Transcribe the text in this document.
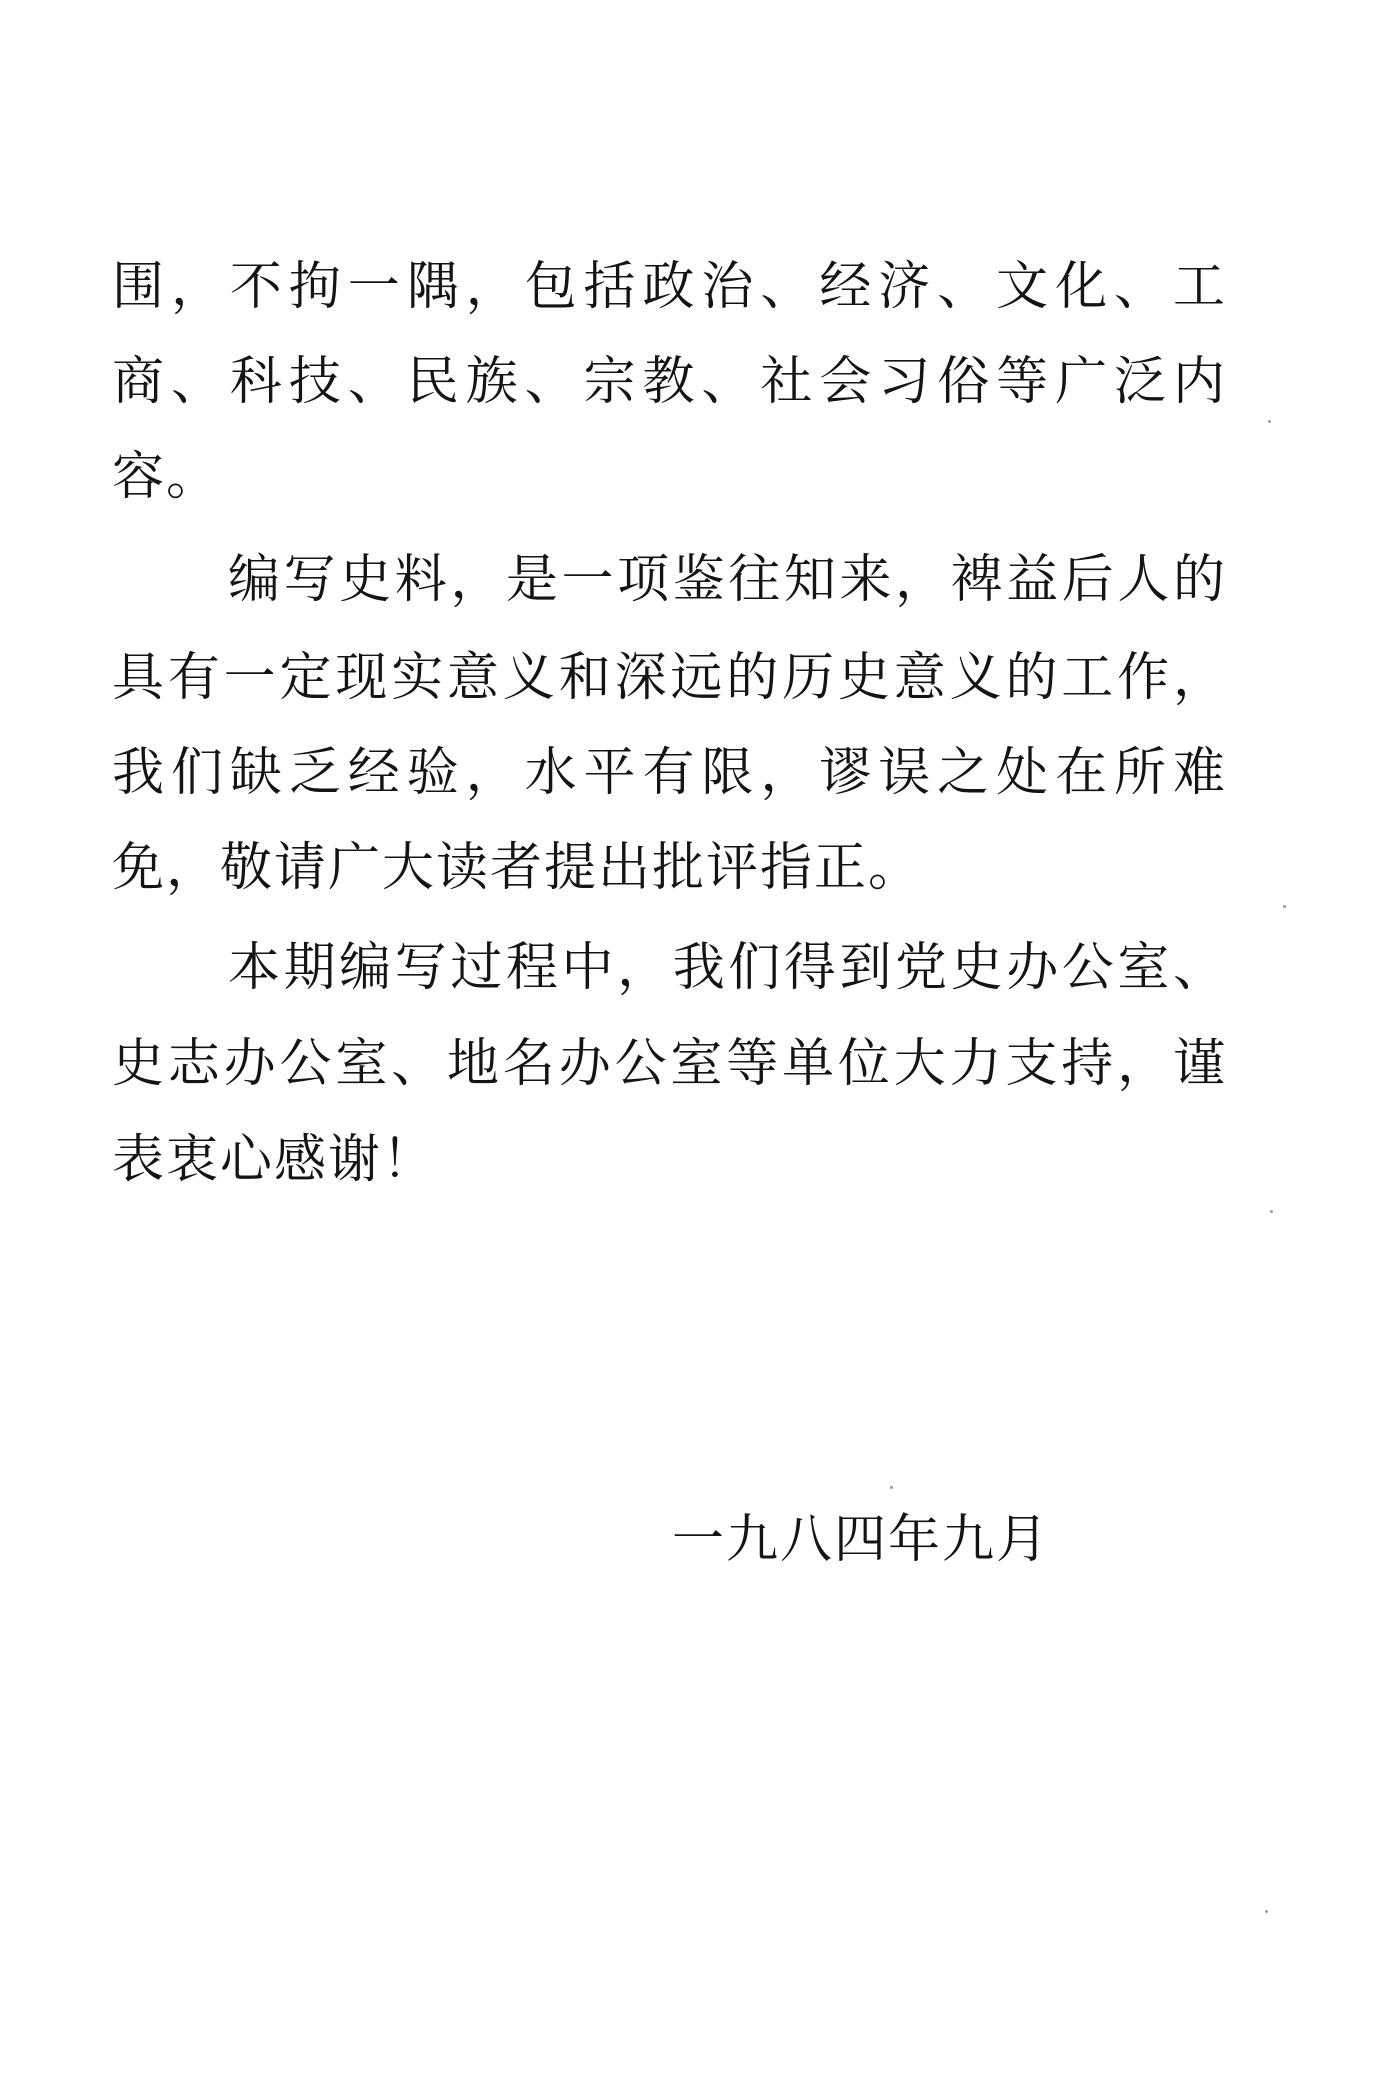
围，不拘一隅，包括政治、经济、文化、工
商、科技、民族、宗教、社会习俗等广泛内
容。
编写史料，是一项鉴往知来，裨益后人的
具有一定现实意义和深远的历史意义的工作，
我们缺乏经验，水平有限，谬误之处在所难
免，敬请广大读者提出批评指正。
本期编写过程中，我们得到党史办公室、
史志办公室、地名办公室等单位大力支持，谨
表衷心感谢！
一九八四年九月
